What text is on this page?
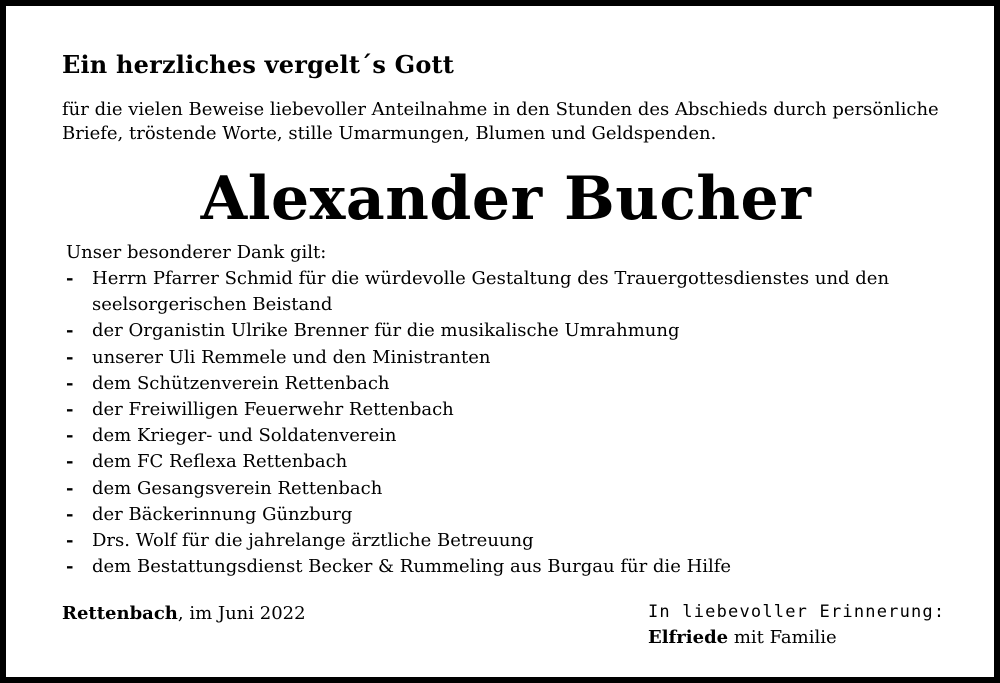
Ein herzliches vergelt´s Gott
für die vielen Beweise liebevoller Anteilnahme in den Stunden des Abschieds durch persönliche Briefe, tröstende Worte, stille Umarmungen, Blumen und Geldspenden.
Alexander Bucher
Unser besonderer Dank gilt:
-	Herrn Pfarrer Schmid für die würdevolle Gestaltung des Trauergottesdienstes und den seelsorgerischen Beistand
-	der Organistin Ulrike Brenner für die musikalische Umrahmung
-	unserer Uli Remmele und den Ministranten
-	dem Schützenverein Rettenbach
-	der Freiwilligen Feuerwehr Rettenbach
-	dem Krieger- und Soldatenverein
-	dem FC Reflexa Rettenbach
-	dem Gesangsverein Rettenbach
-	der Bäckerinnung Günzburg
-	Drs. Wolf für die jahrelange ärztliche Betreuung
-	dem Bestattungsdienst Becker & Rummeling aus Burgau für die Hilfe
Rettenbach, im Juni 2022	In liebevoller Erinnerung:
Elfriede mit Familie
